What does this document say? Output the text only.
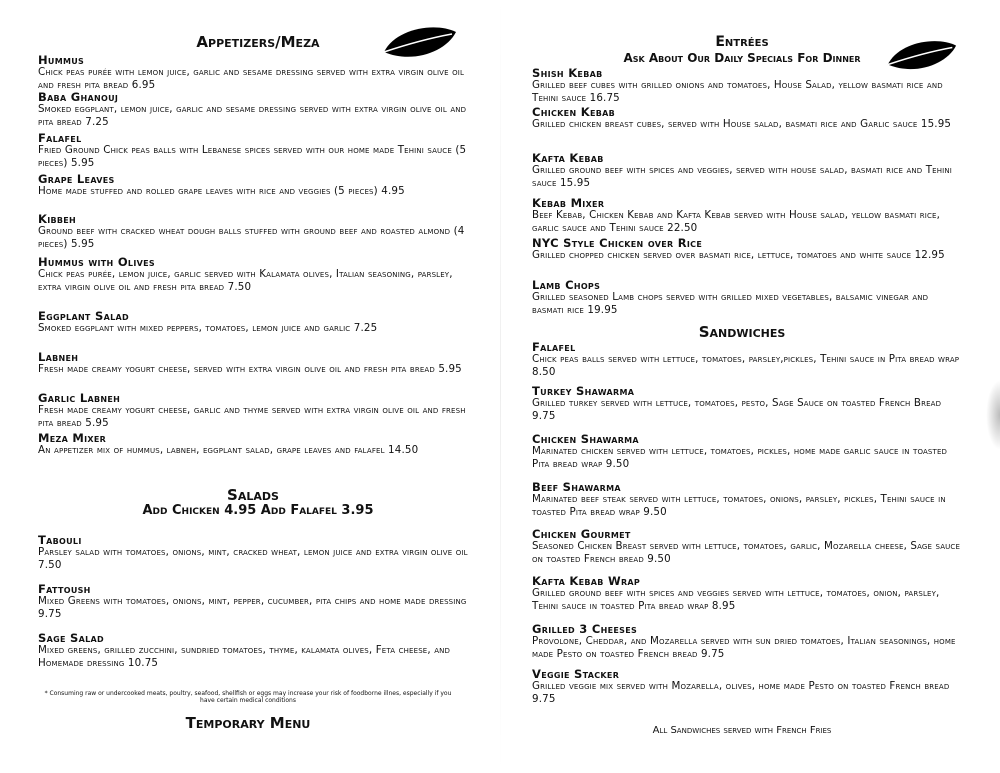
Appetizers/Meza
Hummus
Chick peas purée with lemon juice, garlic and sesame dressing served with extra virgin olive oil and fresh pita bread 6.95
Baba Ghanouj
Smoked eggplant, lemon juice, garlic and sesame dressing served with extra virgin olive oil and pita bread 7.25
Falafel
Fried Ground Chick peas balls with Lebanese spices served with our home made Tehini sauce (5 pieces) 5.95
Grape Leaves
Home made stuffed and rolled grape leaves with rice and veggies (5 pieces) 4.95
Kibbeh
Ground beef with cracked wheat dough balls stuffed with ground beef and roasted almond (4 pieces) 5.95
Hummus with Olives
Chick peas purée, lemon juice, garlic served with Kalamata olives, Italian seasoning, parsley, extra virgin olive oil and fresh pita bread 7.50
Eggplant Salad
Smoked eggplant with mixed peppers, tomatoes, lemon juice and garlic 7.25
Labneh
Fresh made creamy yogurt cheese, served with extra virgin olive oil and fresh pita bread 5.95
Garlic Labneh
Fresh made creamy yogurt cheese, garlic and thyme served with extra virgin olive oil and fresh pita bread 5.95
Meza Mixer
An appetizer mix of hummus, labneh, eggplant salad, grape leaves and falafel 14.50
Salads
Add Chicken 4.95 Add Falafel 3.95
Tabouli
Parsley salad with tomatoes, onions, mint, cracked wheat, lemon juice and extra virgin olive oil 7.50
Fattoush
Mixed Greens with tomatoes, onions, mint, pepper, cucumber, pita chips and home made dressing 9.75
Sage Salad
Mixed greens, grilled zucchini, sundried tomatoes, thyme, kalamata olives, Feta cheese, and Homemade dressing 10.75
* Consuming raw or undercooked meats, poultry, seafood, shellfish or eggs may increase your risk of foodborne illnes, especially if you have certain medical conditions
Temporary Menu
Entrées
Ask About Our Daily Specials For Dinner
Shish Kebab
Grilled beef cubes with grilled onions and tomatoes, House Salad, yellow basmati rice and Tehini sauce 16.75
Chicken Kebab
Grilled chicken breast cubes, served with House salad, basmati rice and Garlic sauce 15.95
Kafta Kebab
Grilled ground beef with spices and veggies, served with house salad, basmati rice and Tehini sauce 15.95
Kebab Mixer
Beef Kebab, Chicken Kebab and Kafta Kebab served with House salad, yellow basmati rice, garlic sauce and Tehini sauce 22.50
NYC Style Chicken over Rice
Grilled chopped chicken served over basmati rice, lettuce, tomatoes and white sauce 12.95
Lamb Chops
Grilled seasoned Lamb chops served with grilled mixed vegetables, balsamic vinegar and basmati rice 19.95
Sandwiches
Falafel
Chick peas balls served with lettuce, tomatoes, parsley,pickles, Tehini sauce in Pita bread wrap 8.50
Turkey Shawarma
Grilled turkey served with lettuce, tomatoes, pesto, Sage Sauce on toasted French Bread 9.75
Chicken Shawarma
Marinated chicken served with lettuce, tomatoes, pickles, home made garlic sauce in toasted Pita bread wrap 9.50
Beef Shawarma
Marinated beef steak served with lettuce, tomatoes, onions, parsley, pickles, Tehini sauce in toasted Pita bread wrap 9.50
Chicken Gourmet
Seasoned Chicken Breast served with lettuce, tomatoes, garlic, Mozarella cheese, Sage sauce on toasted French bread 9.50
Kafta Kebab Wrap
Grilled ground beef with spices and veggies served with lettuce, tomatoes, onion, parsley, Tehini sauce in toasted Pita bread wrap 8.95
Grilled 3 Cheeses
Provolone, Cheddar, and Mozarella served with sun dried tomatoes, Italian seasonings, home made Pesto on toasted French bread 9.75
Veggie Stacker
Grilled veggie mix served with Mozarella, olives, home made Pesto on toasted French bread 9.75
All Sandwiches served with French Fries
